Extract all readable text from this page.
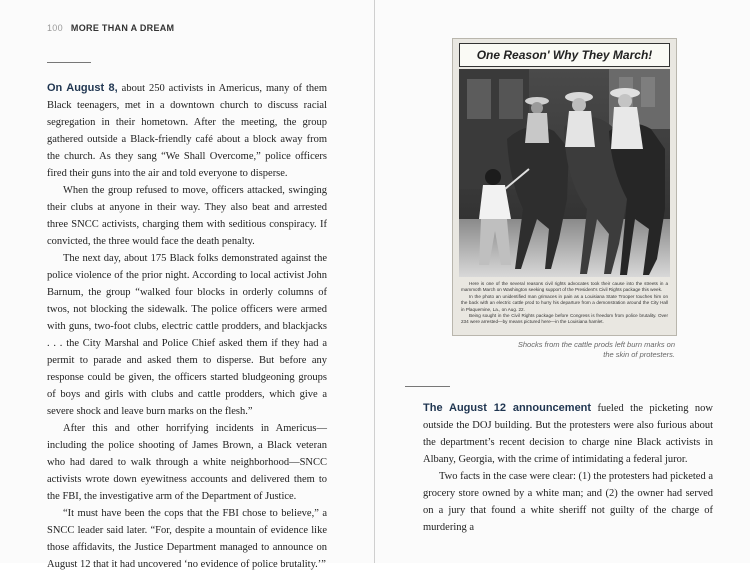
100 MORE THAN A DREAM

On August 8, about 250 activists in Americus, many of them Black teenagers, met in a downtown church to discuss racial segregation in their hometown. After the meeting, the group gathered outside a Black-friendly café about a block away from the church. As they sang “We Shall Overcome,” police officers fired their guns into the air and told everyone to disperse.

When the group refused to move, officers attacked, swinging their clubs at anyone in their way. They also beat and arrested three SNCC activists, charging them with seditious conspiracy. If convicted, the three would face the death penalty.

The next day, about 175 Black folks demonstrated against the police violence of the prior night. According to local activist John Barnum, the group “walked four blocks in orderly columns of twos, not blocking the sidewalk. The police officers were armed with guns, two-foot clubs, electric cattle prodders, and blackjacks . . . the City Marshal and Police Chief asked them if they had a permit to parade and asked them to disperse. But before any response could be given, the officers started bludgeoning groups of boys and girls with clubs and cattle prodders, which give a severe shock and leave burn marks on the flesh.”

After this and other horrifying incidents in Americus—including the police shooting of James Brown, a Black veteran who had dared to walk through a white neighborhood—SNCC activists wrote down eyewitness accounts and delivered them to the FBI, the investigative arm of the Department of Justice.

“It must have been the cops that the FBI chose to believe,” a SNCC leader said later. “For, despite a mountain of evidence like those affidavits, the Justice Department managed to announce on August 12 that it had uncovered ‘no evidence of police brutality.’”

The August 12 announcement fueled the picketing now outside the DOJ building. But the protesters were also furious about the department’s recent decision to charge nine Black activists in Albany, Georgia, with the crime of intimidating a federal juror.

Two facts in the case were clear: (1) the protesters had picketed a grocery store owned by a white man; and (2) the owner had served on a jury that found a white sheriff not guilty of the charge of murdering a

One Reason' Why They March!

Here is one of the several reasons civil rights advocates took their cause into the streets in a mammoth March on Washington seeking support of the President's Civil Rights package this week.

In the photo an unidentified man grimaces in pain as a Louisiana State Trooper touches him on the back with an electric cattle prod to hurry his departure from a demonstration around the City Hall in Plaquemine, La., on Aug. 22.

Being sought in the Civil Rights package before Congress is freedom from police brutality. Over 234 were arrested—by means pictured here—in the Louisiana hamlet.

Shocks from the cattle prods left burn marks on the skin of protesters.
